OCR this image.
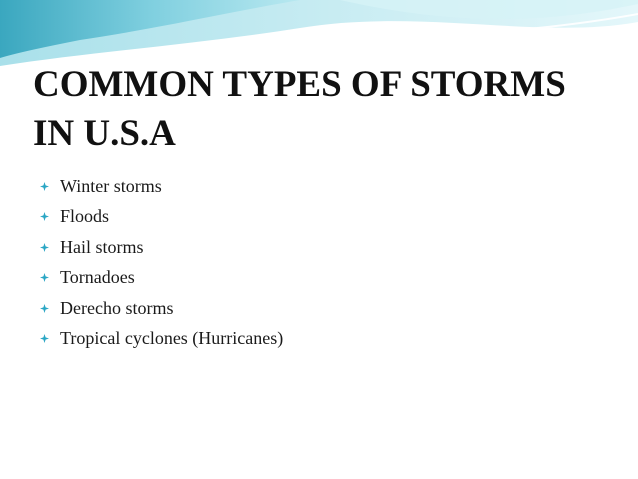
COMMON TYPES OF STORMS
IN U.S.A
Winter storms
Floods
Hail storms
Tornadoes
Derecho storms
Tropical cyclones (Hurricanes)
